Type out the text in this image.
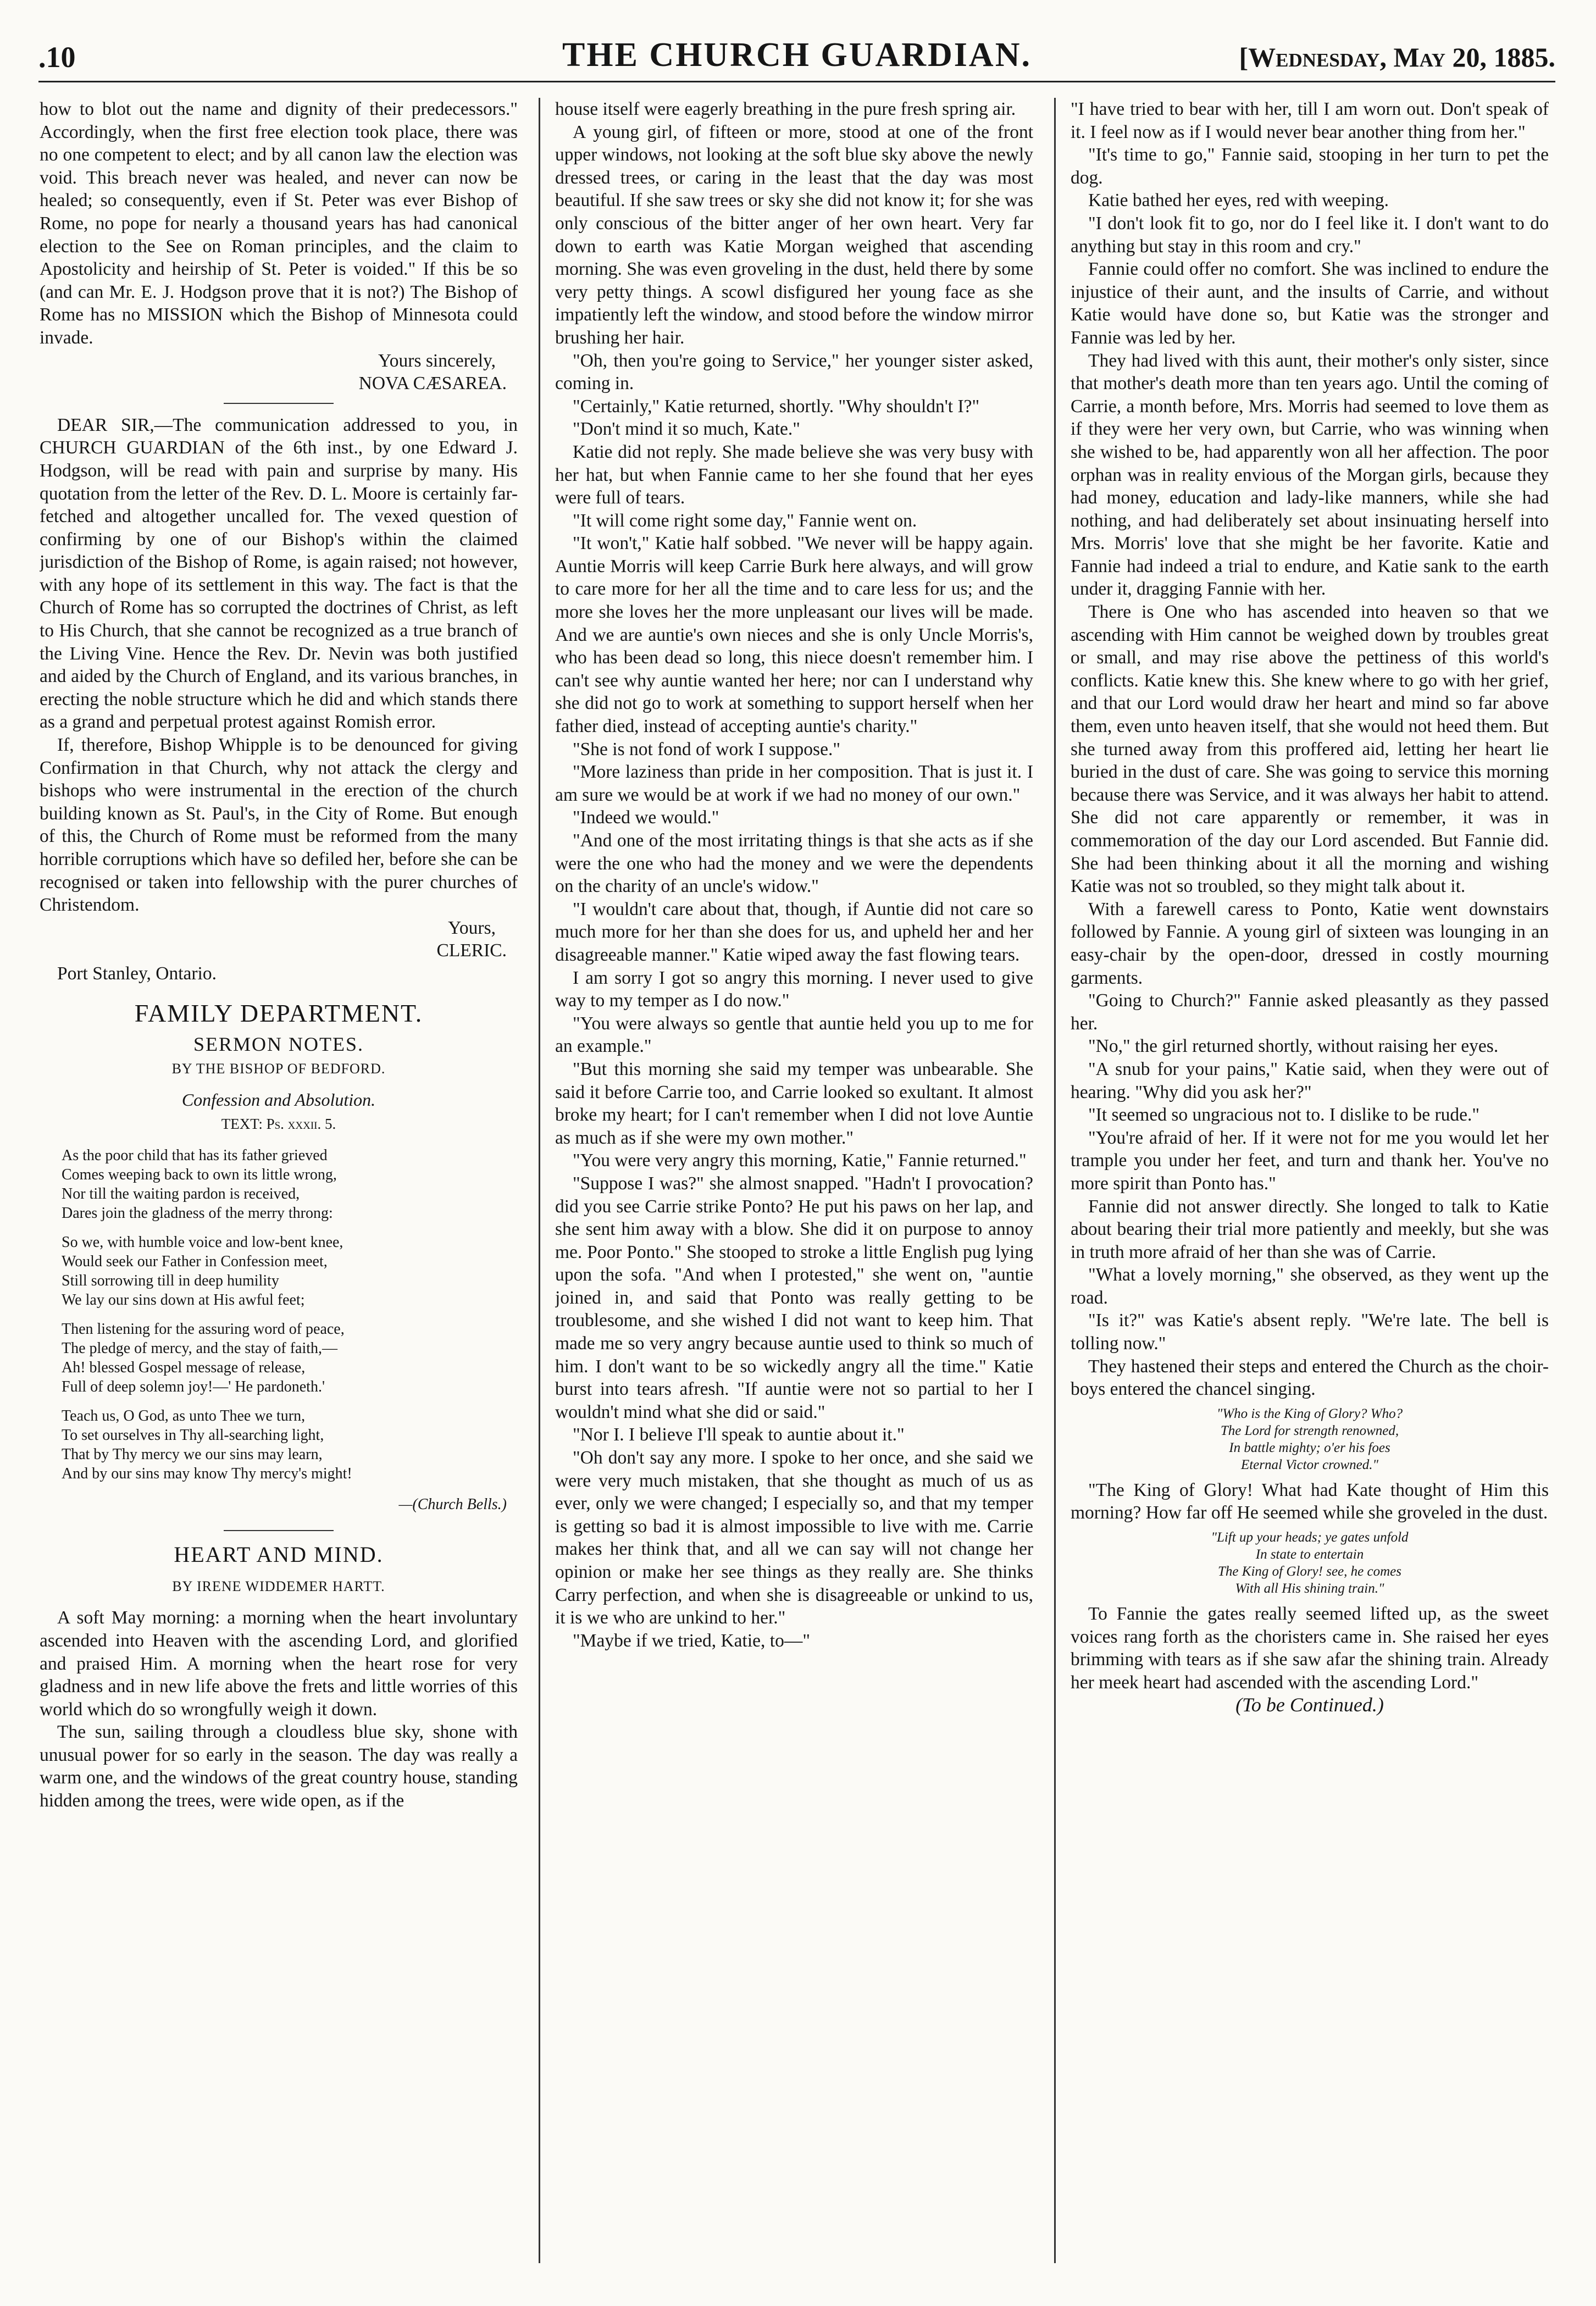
.10	THE CHURCH GUARDIAN.	[Wednesday, May 20, 1885.

how to blot out the name and dignity of their predecessors." Accordingly, when the first free election took place, there was no one competent to elect; and by all canon law the election was void. This breach never was healed, and never can now be healed; so consequently, even if St. Peter was ever Bishop of Rome, no pope for nearly a thousand years has had canonical election to the See on Roman principles, and the claim to Apostolicity and heirship of St. Peter is voided." If this be so (and can Mr. E. J. Hodgson prove that it is not?) The Bishop of Rome has no MISSION which the Bishop of Minnesota could invade.

Yours sincerely,

NOVA CÆSAREA.

DEAR SIR,—The communication addressed to you, in CHURCH GUARDIAN of the 6th inst., by one Edward J. Hodgson, will be read with pain and surprise by many. His quotation from the letter of the Rev. D. L. Moore is certainly far-fetched and altogether uncalled for. The vexed question of confirming by one of our Bishop's within the claimed jurisdiction of the Bishop of Rome, is again raised; not however, with any hope of its settlement in this way. The fact is that the Church of Rome has so corrupted the doctrines of Christ, as left to His Church, that she cannot be recognized as a true branch of the Living Vine. Hence the Rev. Dr. Nevin was both justified and aided by the Church of England, and its various branches, in erecting the noble structure which he did and which stands there as a grand and perpetual protest against Romish error.

If, therefore, Bishop Whipple is to be denounced for giving Confirmation in that Church, why not attack the clergy and bishops who were instrumental in the erection of the church building known as St. Paul's, in the City of Rome. But enough of this, the Church of Rome must be reformed from the many horrible corruptions which have so defiled her, before she can be recognised or taken into fellowship with the purer churches of Christendom.

Yours,

CLERIC.

Port Stanley, Ontario.

FAMILY DEPARTMENT.
SERMON NOTES.
BY THE BISHOP OF BEDFORD.
Confession and Absolution.
TEXT: Ps. xxxii. 5.
As the poor child that has its father grieved
Comes weeping back to own its little wrong,
Nor till the waiting pardon is received,
Dares join the gladness of the merry throng:
So we, with humble voice and low-bent knee,
Would seek our Father in Confession meet,
Still sorrowing till in deep humility
We lay our sins down at His awful feet;
Then listening for the assuring word of peace,
The pledge of mercy, and the stay of faith,—
Ah! blessed Gospel message of release,
Full of deep solemn joy!—' He pardoneth.'
Teach us, O God, as unto Thee we turn,
To set ourselves in Thy all-searching light,
That by Thy mercy we our sins may learn,
And by our sins may know Thy mercy's might!
—(Church Bells.)
HEART AND MIND.
BY IRENE WIDDEMER HARTT.

A soft May morning: a morning when the heart involuntary ascended into Heaven with the ascending Lord, and glorified and praised Him. A morning when the heart rose for very gladness and in new life above the frets and little worries of this world which do so wrongfully weigh it down.

The sun, sailing through a cloudless blue sky, shone with unusual power for so early in the season. The day was really a warm one, and the windows of the great country house, standing hidden among the trees, were wide open, as if the

house itself were eagerly breathing in the pure fresh spring air.

A young girl, of fifteen or more, stood at one of the front upper windows, not looking at the soft blue sky above the newly dressed trees, or caring in the least that the day was most beautiful. If she saw trees or sky she did not know it; for she was only conscious of the bitter anger of her own heart. Very far down to earth was Katie Morgan weighed that ascending morning. She was even groveling in the dust, held there by some very petty things. A scowl disfigured her young face as she impatiently left the window, and stood before the window mirror brushing her hair.

"Oh, then you're going to Service," her younger sister asked, coming in.

"Certainly," Katie returned, shortly. "Why shouldn't I?"

"Don't mind it so much, Kate."

Katie did not reply. She made believe she was very busy with her hat, but when Fannie came to her she found that her eyes were full of tears.

"It will come right some day," Fannie went on.

"It won't," Katie half sobbed. "We never will be happy again. Auntie Morris will keep Carrie Burk here always, and will grow to care more for her all the time and to care less for us; and the more she loves her the more unpleasant our lives will be made. And we are auntie's own nieces and she is only Uncle Morris's, who has been dead so long, this niece doesn't remember him. I can't see why auntie wanted her here; nor can I understand why she did not go to work at something to support herself when her father died, instead of accepting auntie's charity."

"She is not fond of work I suppose."

"More laziness than pride in her composition. That is just it. I am sure we would be at work if we had no money of our own."

"Indeed we would."

"And one of the most irritating things is that she acts as if she were the one who had the money and we were the dependents on the charity of an uncle's widow."

"I wouldn't care about that, though, if Auntie did not care so much more for her than she does for us, and upheld her and her disagreeable manner." Katie wiped away the fast flowing tears.

I am sorry I got so angry this morning. I never used to give way to my temper as I do now."

"You were always so gentle that auntie held you up to me for an example."

"But this morning she said my temper was unbearable. She said it before Carrie too, and Carrie looked so exultant. It almost broke my heart; for I can't remember when I did not love Auntie as much as if she were my own mother."

"You were very angry this morning, Katie," Fannie returned."

"Suppose I was?" she almost snapped. "Hadn't I provocation? did you see Carrie strike Ponto? He put his paws on her lap, and she sent him away with a blow. She did it on purpose to annoy me. Poor Ponto." She stooped to stroke a little English pug lying upon the sofa. "And when I protested," she went on, "auntie joined in, and said that Ponto was really getting to be troublesome, and she wished I did not want to keep him. That made me so very angry because auntie used to think so much of him. I don't want to be so wickedly angry all the time." Katie burst into tears afresh. "If auntie were not so partial to her I wouldn't mind what she did or said."

"Nor I. I believe I'll speak to auntie about it."

"Oh don't say any more. I spoke to her once, and she said we were very much mistaken, that she thought as much of us as ever, only we were changed; I especially so, and that my temper is getting so bad it is almost impossible to live with me. Carrie makes her think that, and all we can say will not change her opinion or make her see things as they really are. She thinks Carry perfection, and when she is disagreeable or unkind to us, it is we who are unkind to her."

"Maybe if we tried, Katie, to—"

"I have tried to bear with her, till I am worn out. Don't speak of it. I feel now as if I would never bear another thing from her."

"It's time to go," Fannie said, stooping in her turn to pet the dog.

Katie bathed her eyes, red with weeping.

"I don't look fit to go, nor do I feel like it. I don't want to do anything but stay in this room and cry."

Fannie could offer no comfort. She was inclined to endure the injustice of their aunt, and the insults of Carrie, and without Katie would have done so, but Katie was the stronger and Fannie was led by her.

They had lived with this aunt, their mother's only sister, since that mother's death more than ten years ago. Until the coming of Carrie, a month before, Mrs. Morris had seemed to love them as if they were her very own, but Carrie, who was winning when she wished to be, had apparently won all her affection. The poor orphan was in reality envious of the Morgan girls, because they had money, education and lady-like manners, while she had nothing, and had deliberately set about insinuating herself into Mrs. Morris' love that she might be her favorite. Katie and Fannie had indeed a trial to endure, and Katie sank to the earth under it, dragging Fannie with her.

There is One who has ascended into heaven so that we ascending with Him cannot be weighed down by troubles great or small, and may rise above the pettiness of this world's conflicts. Katie knew this. She knew where to go with her grief, and that our Lord would draw her heart and mind so far above them, even unto heaven itself, that she would not heed them. But she turned away from this proffered aid, letting her heart lie buried in the dust of care. She was going to service this morning because there was Service, and it was always her habit to attend. She did not care apparently or remember, it was in commemoration of the day our Lord ascended. But Fannie did. She had been thinking about it all the morning and wishing Katie was not so troubled, so they might talk about it.

With a farewell caress to Ponto, Katie went downstairs followed by Fannie. A young girl of sixteen was lounging in an easy-chair by the open-door, dressed in costly mourning garments.

"Going to Church?" Fannie asked pleasantly as they passed her.

"No," the girl returned shortly, without raising her eyes.

"A snub for your pains," Katie said, when they were out of hearing. "Why did you ask her?"

"It seemed so ungracious not to. I dislike to be rude."

"You're afraid of her. If it were not for me you would let her trample you under her feet, and turn and thank her. You've no more spirit than Ponto has."

Fannie did not answer directly. She longed to talk to Katie about bearing their trial more patiently and meekly, but she was in truth more afraid of her than she was of Carrie.

"What a lovely morning," she observed, as they went up the road.

"Is it?" was Katie's absent reply. "We're late. The bell is tolling now."

They hastened their steps and entered the Church as the choir-boys entered the chancel singing.

"Who is the King of Glory? Who?
The Lord for strength renowned,
In battle mighty; o'er his foes
Eternal Victor crowned."

"The King of Glory! What had Kate thought of Him this morning? How far off He seemed while she groveled in the dust.

"Lift up your heads; ye gates unfold
In state to entertain
The King of Glory! see, he comes
With all His shining train."

To Fannie the gates really seemed lifted up, as the sweet voices rang forth as the choristers came in. She raised her eyes brimming with tears as if she saw afar the shining train. Already her meek heart had ascended with the ascending Lord."

(To be Continued.)
